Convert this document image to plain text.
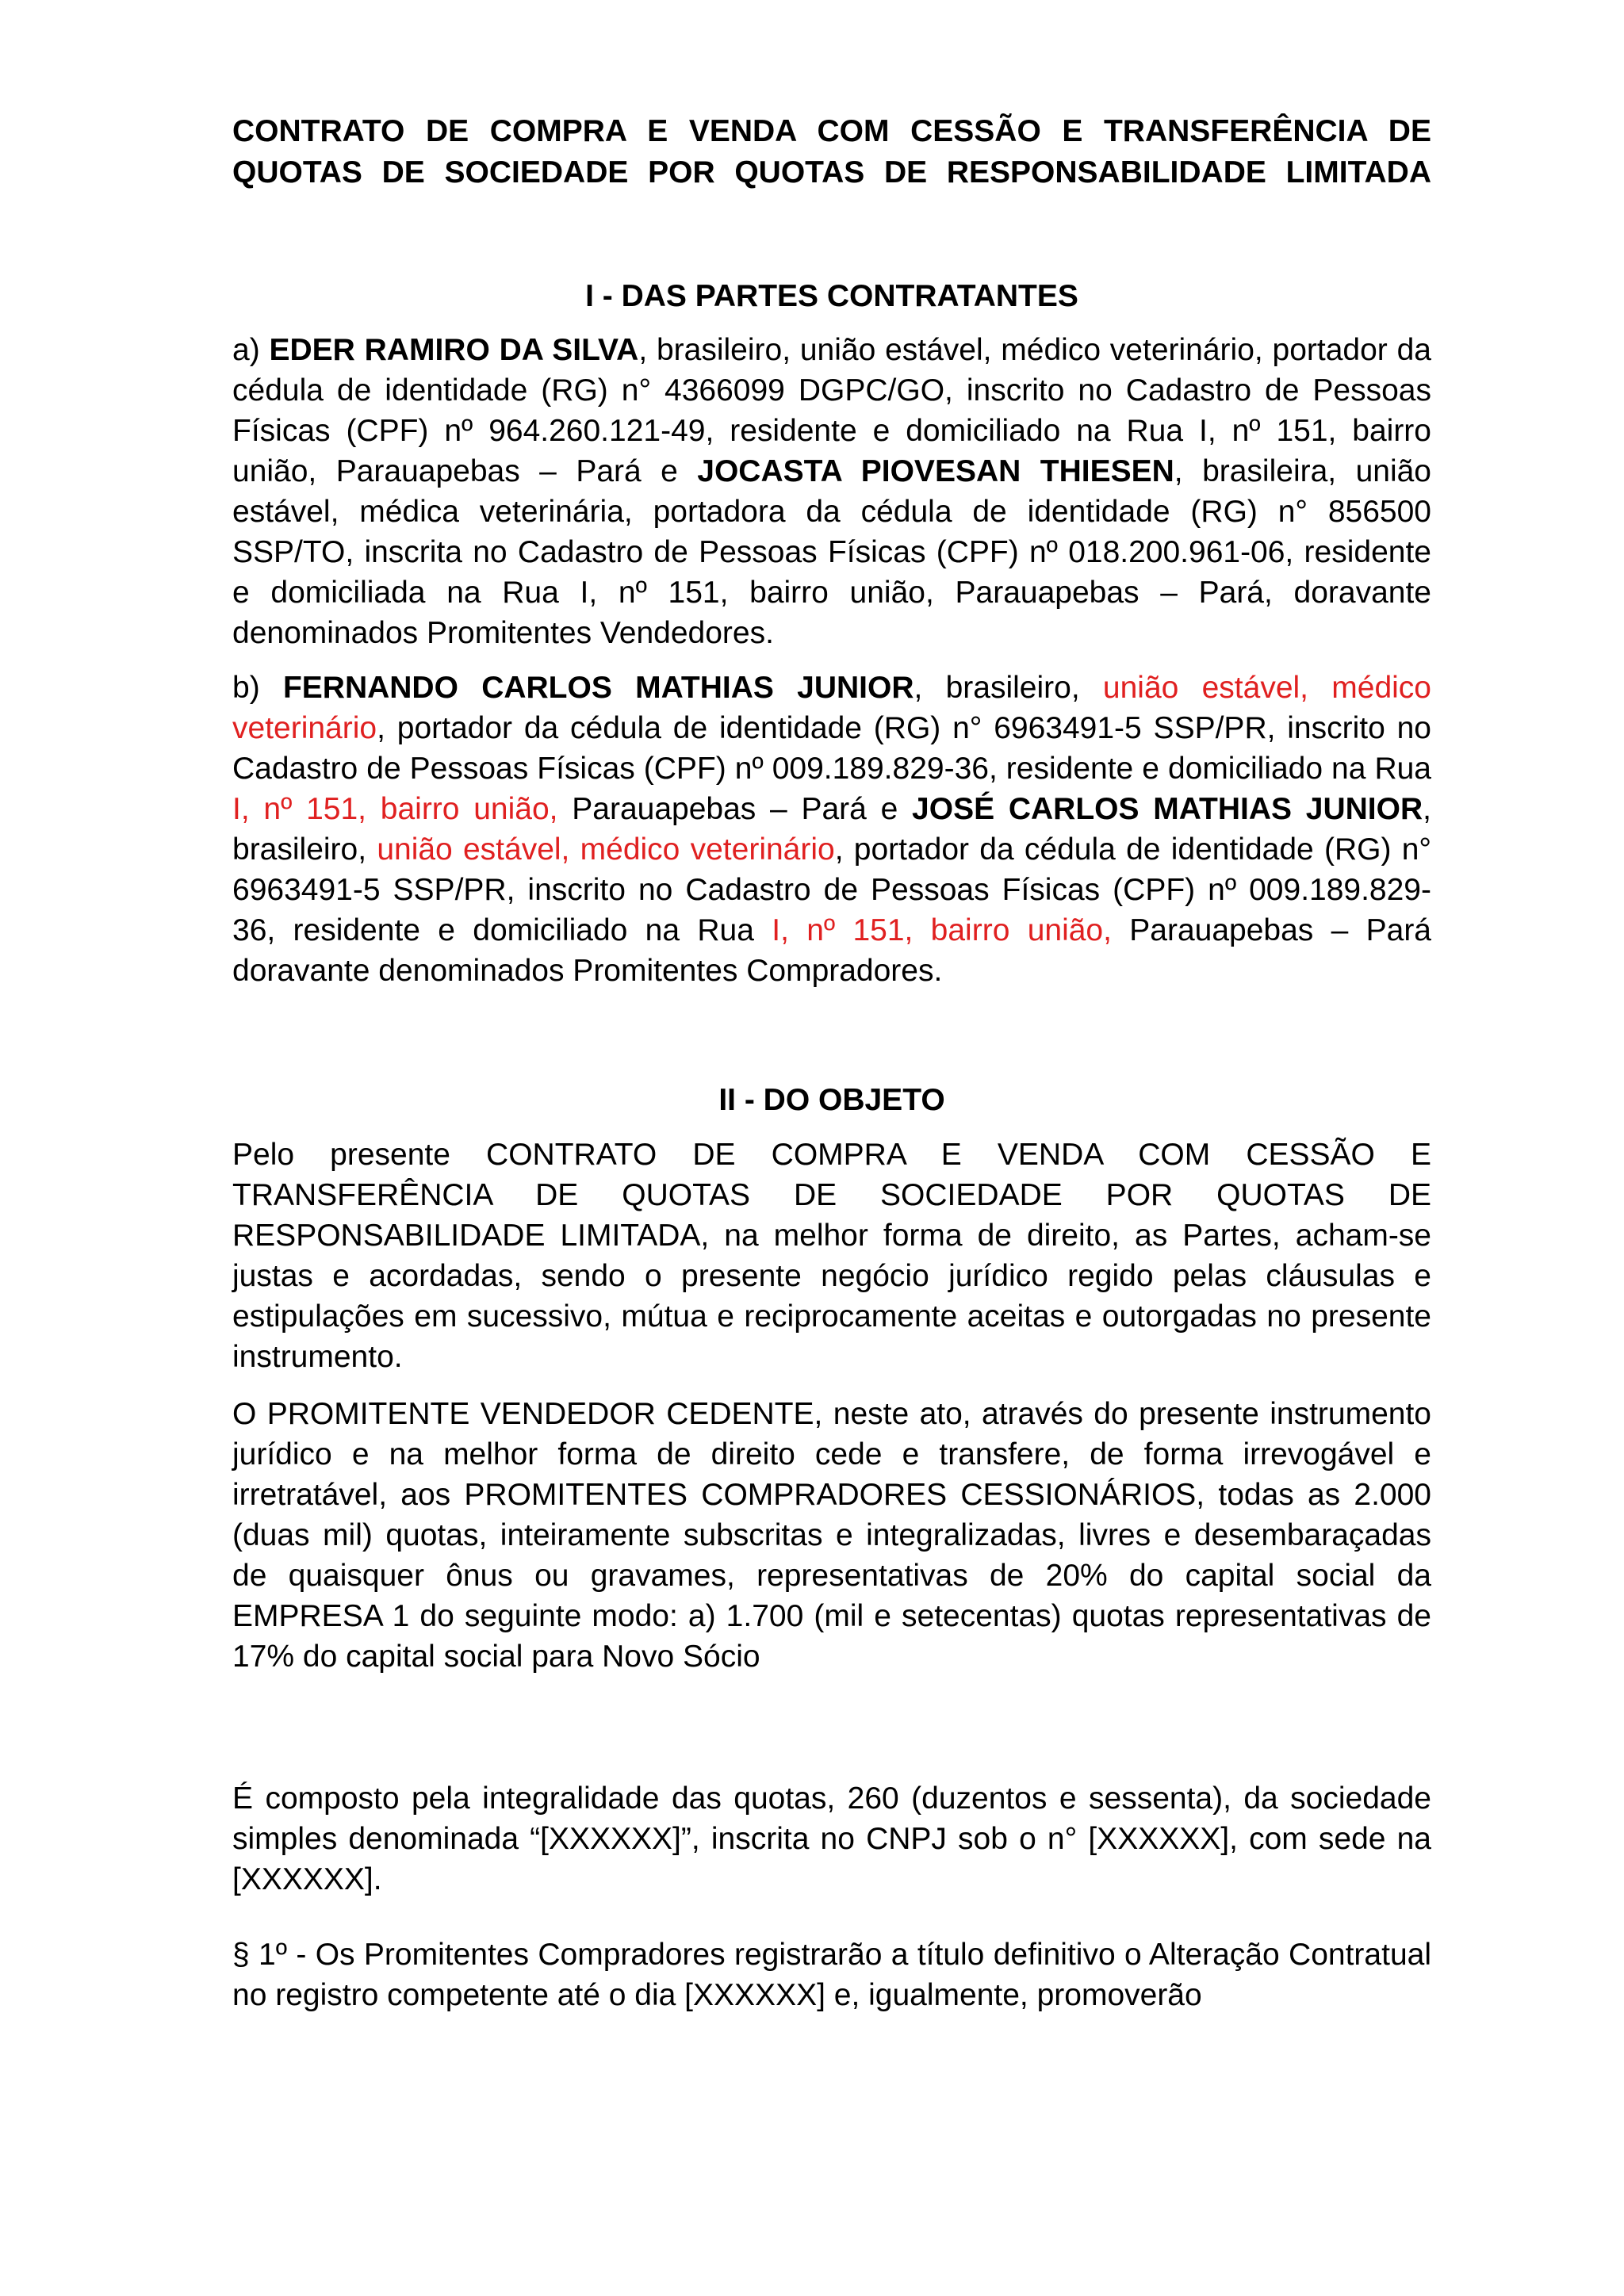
CONTRATO DE COMPRA E VENDA COM CESSÃO E TRANSFERÊNCIA DE

QUOTAS DE SOCIEDADE POR QUOTAS DE RESPONSABILIDADE LIMITADA

I - DAS PARTES CONTRATANTES

a) EDER RAMIRO DA SILVA, brasileiro, união estável, médico veterinário, portador da cédula de identidade (RG) n° 4366099 DGPC/GO, inscrito no Cadastro de Pessoas Físicas (CPF) nº 964.260.121-49, residente e domiciliado na Rua I, nº 151, bairro união, Parauapebas – Pará e JOCASTA PIOVESAN THIESEN, brasileira, união estável, médica veterinária, portadora da cédula de identidade (RG) n° 856500 SSP/TO, inscrita no Cadastro de Pessoas Físicas (CPF) nº 018.200.961-06, residente e domiciliada na Rua I, nº 151, bairro união, Parauapebas – Pará, doravante denominados Promitentes Vendedores.

b) FERNANDO CARLOS MATHIAS JUNIOR, brasileiro, união estável, médico veterinário, portador da cédula de identidade (RG) n° 6963491-5 SSP/PR, inscrito no Cadastro de Pessoas Físicas (CPF) nº 009.189.829-36, residente e domiciliado na Rua I, nº 151, bairro união, Parauapebas – Pará e JOSÉ CARLOS MATHIAS JUNIOR, brasileiro, união estável, médico veterinário, portador da cédula de identidade (RG) n° 6963491-5 SSP/PR, inscrito no Cadastro de Pessoas Físicas (CPF) nº 009.189.829-36, residente e domiciliado na Rua I, nº 151, bairro união, Parauapebas – Pará doravante denominados Promitentes Compradores.

II - DO OBJETO

Pelo presente CONTRATO DE COMPRA E VENDA COM CESSÃO E TRANSFERÊNCIA DE QUOTAS DE SOCIEDADE POR QUOTAS DE RESPONSABILIDADE LIMITADA, na melhor forma de direito, as Partes, acham-se justas e acordadas, sendo o presente negócio jurídico regido pelas cláusulas e estipulações em sucessivo, mútua e reciprocamente aceitas e outorgadas no presente instrumento.

O PROMITENTE VENDEDOR CEDENTE, neste ato, através do presente instrumento jurídico e na melhor forma de direito cede e transfere, de forma irrevogável e irretratável, aos PROMITENTES COMPRADORES CESSIONÁRIOS, todas as 2.000 (duas mil) quotas, inteiramente subscritas e integralizadas, livres e desembaraçadas de quaisquer ônus ou gravames, representativas de 20% do capital social da EMPRESA 1 do seguinte modo: a) 1.700 (mil e setecentas) quotas representativas de 17% do capital social para Novo Sócio

É composto pela integralidade das quotas, 260 (duzentos e sessenta), da sociedade simples denominada “[XXXXXX]”, inscrita no CNPJ sob o n° [XXXXXX], com sede na [XXXXXX].

§ 1º - Os Promitentes Compradores registrarão a título definitivo o Alteração Contratual no registro competente até o dia [XXXXXX] e, igualmente, promoverão
